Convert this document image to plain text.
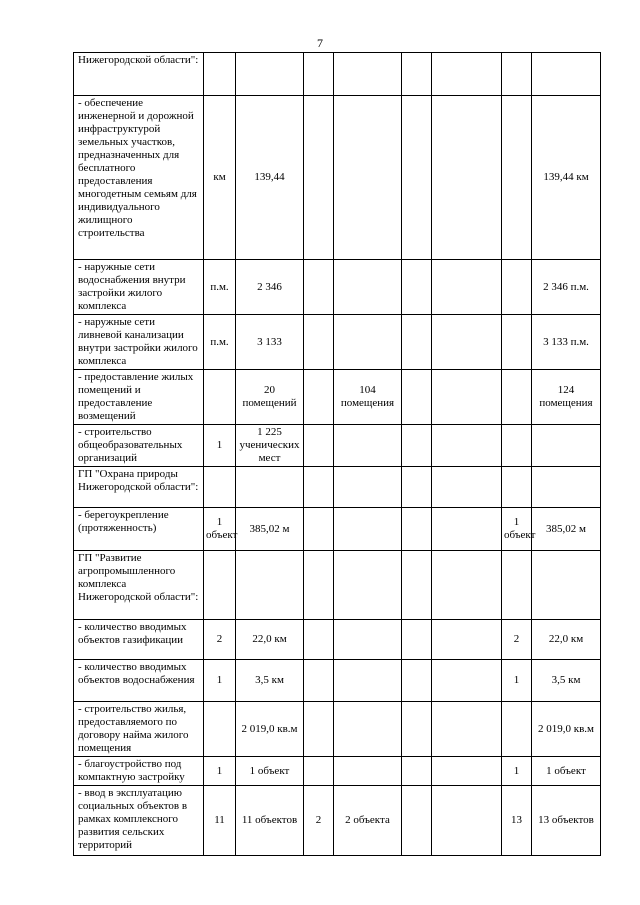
7
Нижегородской области":								
- обеспечение инженерной и дорожной инфраструктурой земельных участков, предназначенных для бесплатного предоставления многодетным семьям для индивидуального жилищного строительства	км	139,44						139,44 км
- наружные сети водоснабжения внутри застройки жилого комплекса	п.м.	2 346						2 346 п.м.
- наружные сети ливневой канализации внутри застройки жилого комплекса	п.м.	3 133						3 133 п.м.
- предоставление жилых помещений и предоставление возмещений		20 помещений		104 помещения				124 помещения
- строительство общеобразовательных организаций	1	1 225 ученических мест						
ГП "Охрана природы Нижегородской области":								
- берегоукрепление (протяженность)	1 объект	385,02 м					1 объект	385,02 м
ГП "Развитие агропромышленного комплекса Нижегородской области":								
- количество вводимых объектов газификации	2	22,0 км					2	22,0 км
- количество вводимых объектов водоснабжения	1	3,5 км					1	3,5 км
- строительство жилья, предоставляемого по договору найма жилого помещения		2 019,0 кв.м						2 019,0 кв.м
- благоустройство под компактную застройку	1	1 объект					1	1 объект
- ввод в эксплуатацию социальных объектов в рамках комплексного развития сельских территорий	11	11 объектов	2	2 объекта			13	13 объектов
